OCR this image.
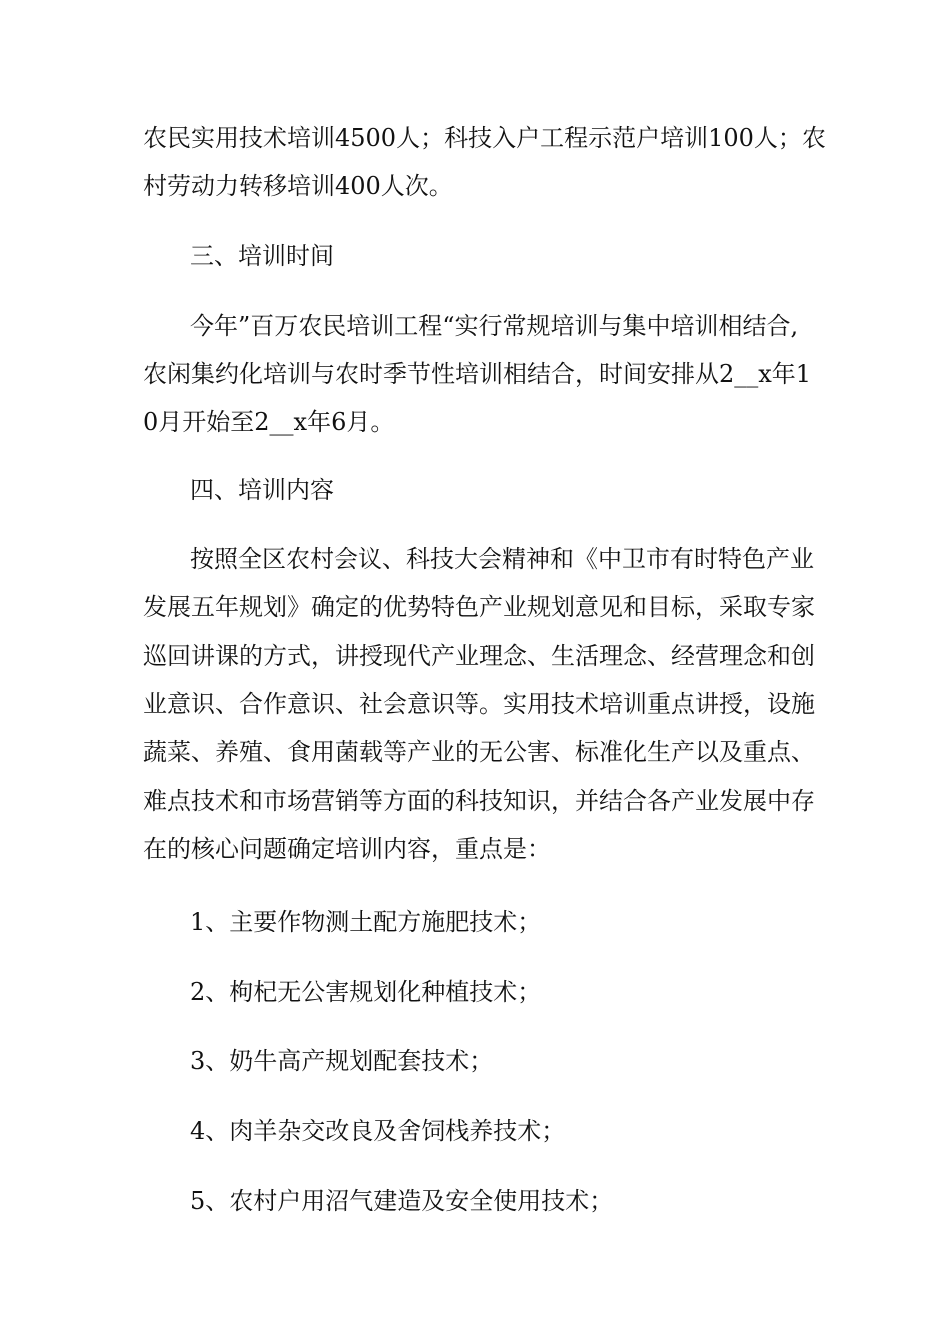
农民实用技术培训4500人；科技入户工程示范户培训100人；农
村劳动力转移培训400人次。
三、培训时间
今年”百万农民培训工程“实行常规培训与集中培训相结合,
农闲集约化培训与农时季节性培训相结合，时间安排从2__x年1
0月开始至2__x年6月。
四、培训内容
按照全区农村会议、科技大会精神和《中卫市有时特色产业
发展五年规划》确定的优势特色产业规划意见和目标，采取专家
巡回讲课的方式，讲授现代产业理念、生活理念、经营理念和创
业意识、合作意识、社会意识等。实用技术培训重点讲授，设施
蔬菜、养殖、食用菌载等产业的无公害、标准化生产以及重点、
难点技术和市场营销等方面的科技知识，并结合各产业发展中存
在的核心问题确定培训内容，重点是：
1、主要作物测土配方施肥技术；
2、枸杞无公害规划化种植技术；
3、奶牛高产规划配套技术；
4、肉羊杂交改良及舍饲栈养技术；
5、农村户用沼气建造及安全使用技术；
